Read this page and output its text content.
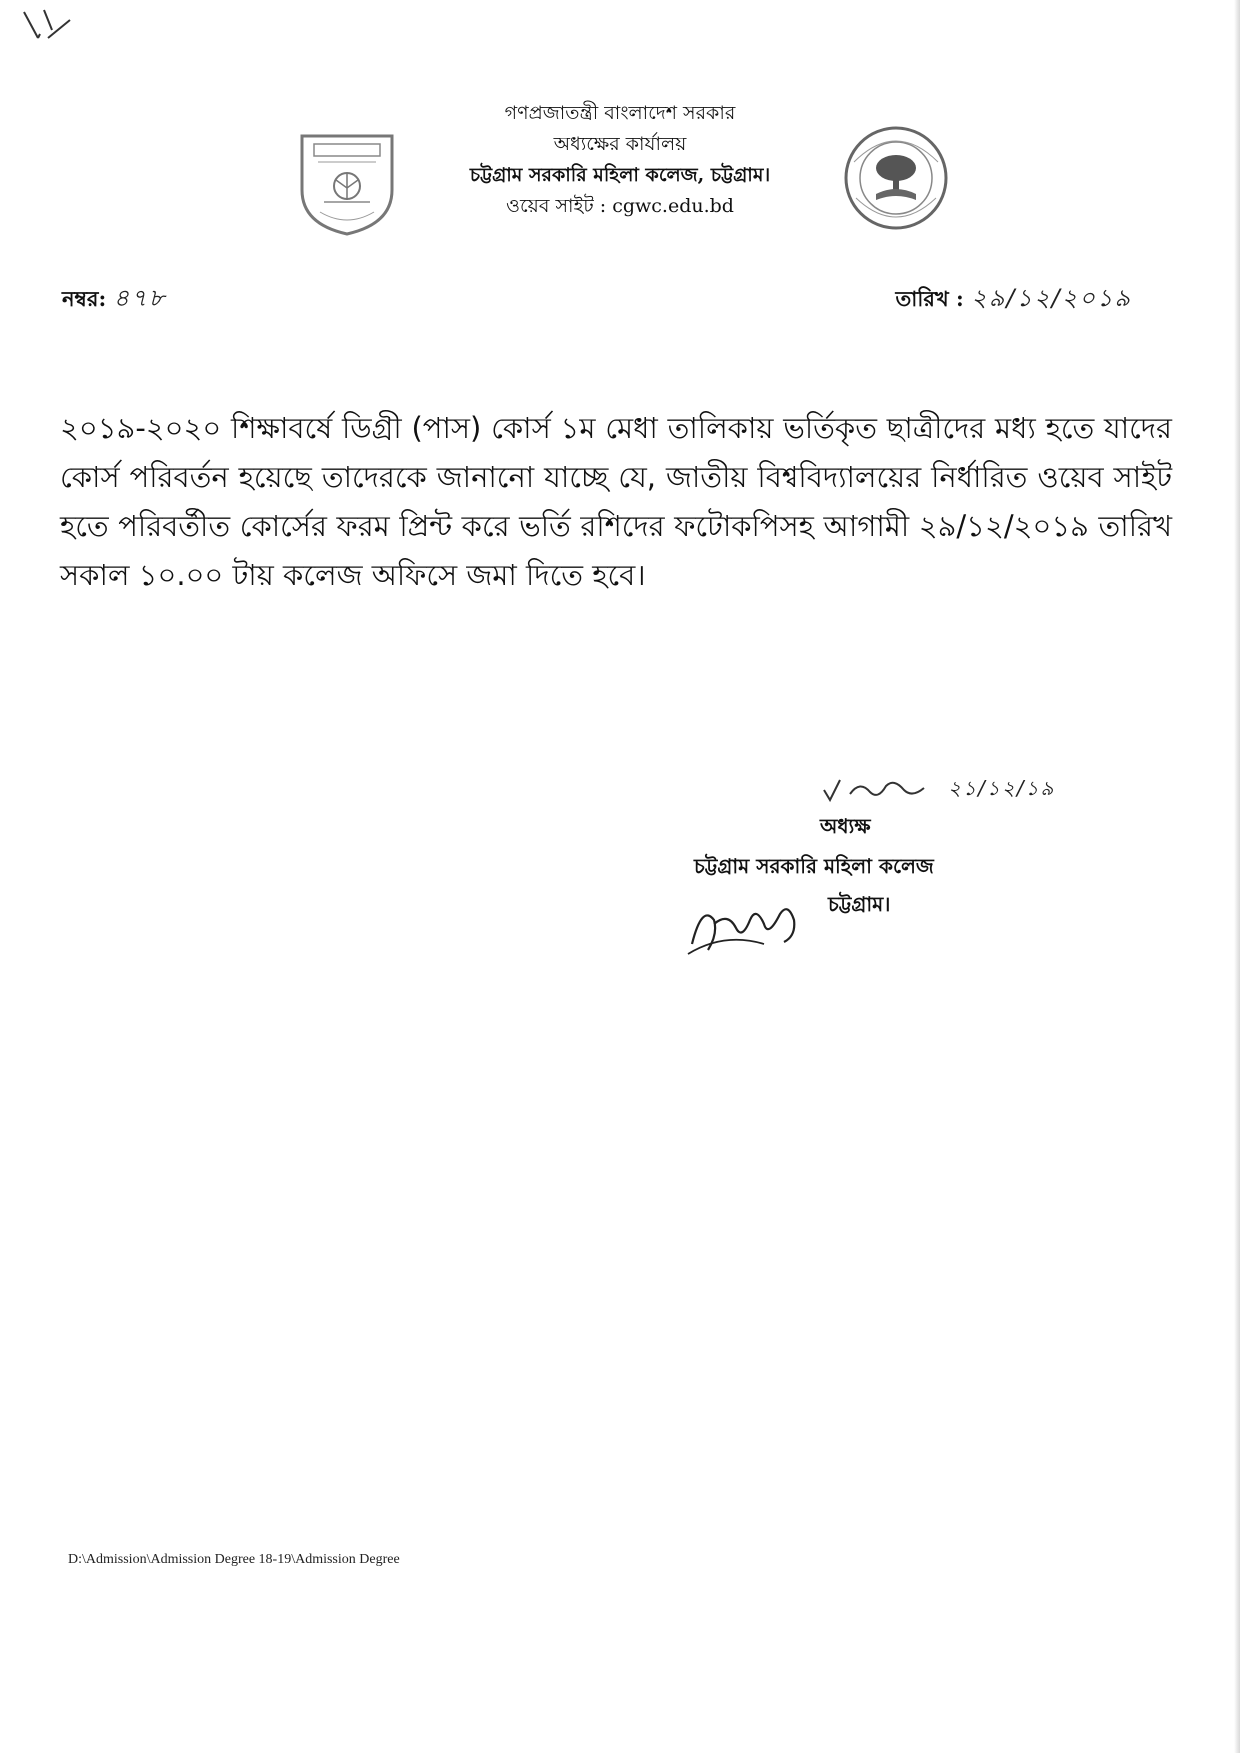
গণপ্রজাতন্ত্রী বাংলাদেশ সরকার
অধ্যক্ষের কার্যালয়
চট্টগ্রাম সরকারি মহিলা কলেজ, চট্টগ্রাম।
ওয়েব সাইট : cgwc.edu.bd
নম্বর: ৪৭৮	তারিখ : ২৯/১২/২০১৯
২০১৯-২০২০ শিক্ষাবর্ষে ডিগ্রী (পাস) কোর্স ১ম মেধা তালিকায় ভর্তিকৃত ছাত্রীদের মধ্য হতে যাদের কোর্স পরিবর্তন হয়েছে তাদেরকে জানানো যাচ্ছে যে, জাতীয় বিশ্ববিদ্যালয়ের নির্ধারিত ওয়েব সাইট হতে পরিবর্তীত কোর্সের ফরম প্রিন্ট করে ভর্তি রশিদের ফটোকপিসহ আগামী ২৯/১২/২০১৯ তারিখ সকাল ১০.০০ টায় কলেজ অফিসে জমা দিতে হবে।
২১/১২/১৯
অধ্যক্ষ
চট্টগ্রাম সরকারি মহিলা কলেজ
চট্টগ্রাম।
D:\Admission\Admission Degree 18-19\Admission Degree
